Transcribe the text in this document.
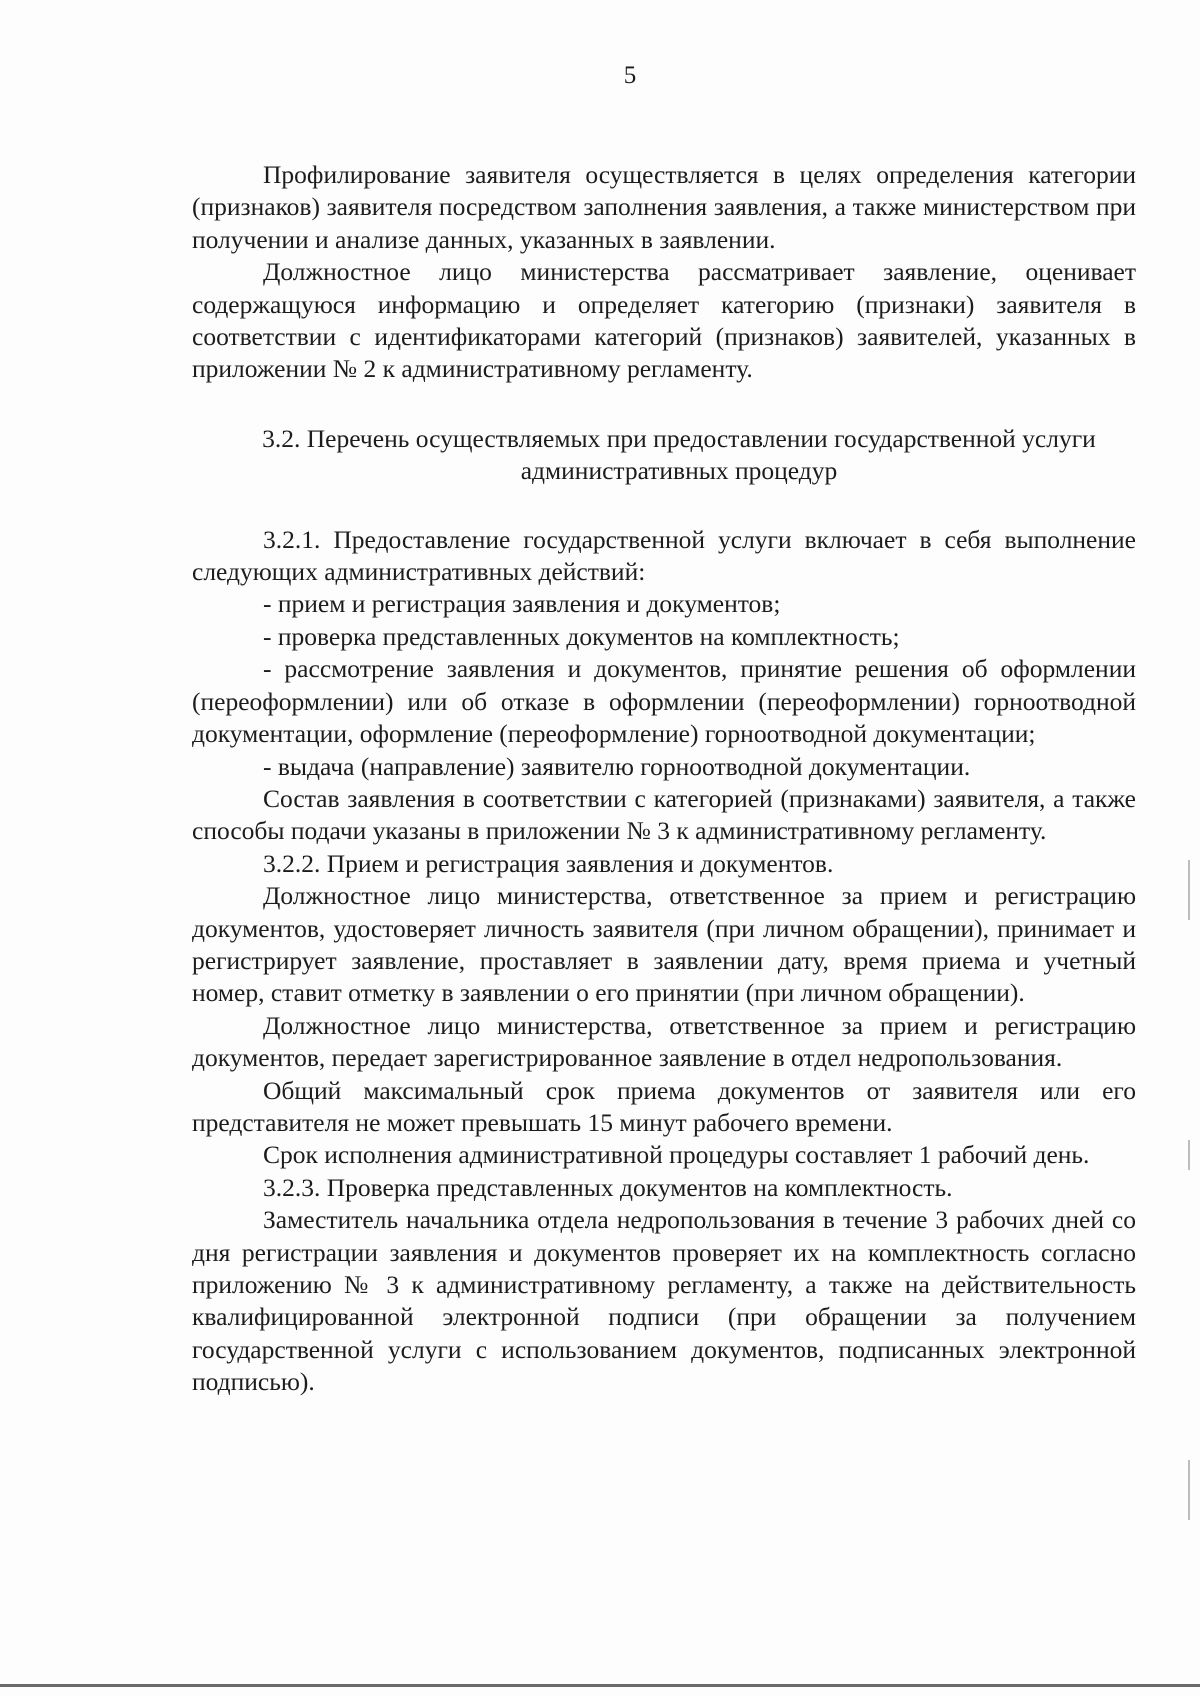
5

Профилирование заявителя осуществляется в целях определения категории (признаков) заявителя посредством заполнения заявления, а также министерством при получении и анализе данных, указанных в заявлении.

Должностное лицо министерства рассматривает заявление, оценивает содержащуюся информацию и определяет категорию (признаки) заявителя в соответствии с идентификаторами категорий (признаков) заявителей, указанных в приложении № 2 к административному регламенту.

3.2. Перечень осуществляемых при предоставлении государственной услуги административных процедур

3.2.1. Предоставление государственной услуги включает в себя выполнение следующих административных действий:

- прием и регистрация заявления и документов;

- проверка представленных документов на комплектность;

- рассмотрение заявления и документов, принятие решения об оформлении (переоформлении) или об отказе в оформлении (переоформлении) горноотводной документации, оформление (переоформление) горноотводной документации;

- выдача (направление) заявителю горноотводной документации.

Состав заявления в соответствии с категорией (признаками) заявителя, а также способы подачи указаны в приложении № 3 к административному регламенту.

3.2.2. Прием и регистрация заявления и документов.

Должностное лицо министерства, ответственное за прием и регистрацию документов, удостоверяет личность заявителя (при личном обращении), принимает и регистрирует заявление, проставляет в заявлении дату, время приема и учетный номер, ставит отметку в заявлении о его принятии (при личном обращении).

Должностное лицо министерства, ответственное за прием и регистрацию документов, передает зарегистрированное заявление в отдел недропользования.

Общий максимальный срок приема документов от заявителя или его представителя не может превышать 15 минут рабочего времени.

Срок исполнения административной процедуры составляет 1 рабочий день.

3.2.3. Проверка представленных документов на комплектность.

Заместитель начальника отдела недропользования в течение 3 рабочих дней со дня регистрации заявления и документов проверяет их на комплектность согласно приложению № 3 к административному регламенту, а также на действительность квалифицированной электронной подписи (при обращении за получением государственной услуги с использованием документов, подписанных электронной подписью).
